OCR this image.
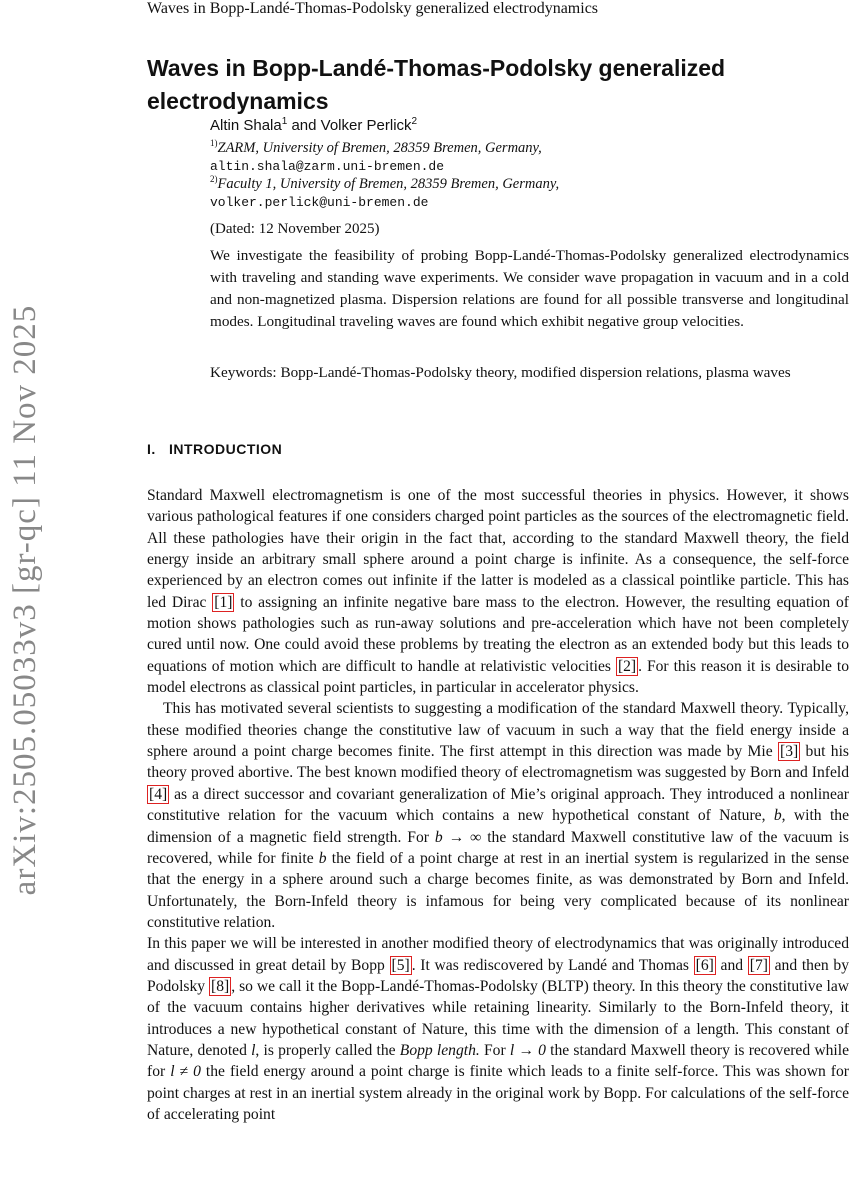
Waves in Bopp-Landé-Thomas-Podolsky generalized electrodynamics
arXiv:2505.05033v3 [gr-qc] 11 Nov 2025
Waves in Bopp-Landé-Thomas-Podolsky generalized electrodynamics
Altin Shala$^1$ and Volker Perlick$^2$
$^{1)}$ZARM, University of Bremen, 28359 Bremen, Germany,
altin.shala@zarm.uni-bremen.de
$^{2)}$Faculty 1, University of Bremen, 28359 Bremen, Germany,
volker.perlick@uni-bremen.de
(Dated: 12 November 2025)
We investigate the feasibility of probing Bopp-Landé-Thomas-Podolsky generalized electrodynamics with traveling and standing wave experiments. We consider wave propagation in vacuum and in a cold and non-magnetized plasma. Dispersion relations are found for all possible transverse and longitudinal modes. Longitudinal traveling waves are found which exhibit negative group velocities.
Keywords: Bopp-Landé-Thomas-Podolsky theory, modified dispersion relations, plasma waves
I. INTRODUCTION

Standard Maxwell electromagnetism is one of the most successful theories in physics. However, it shows various pathological features if one considers charged point particles as the sources of the electromagnetic field. All these pathologies have their origin in the fact that, according to the standard Maxwell theory, the field energy inside an arbitrary small sphere around a point charge is infinite. As a consequence, the self-force experienced by an electron comes out infinite if the latter is modeled as a classical pointlike particle. This has led Dirac [1] to assigning an infinite negative bare mass to the electron. However, the resulting equation of motion shows pathologies such as run-away solutions and pre-acceleration which have not been completely cured until now. One could avoid these problems by treating the electron as an extended body but this leads to equations of motion which are difficult to handle at relativistic velocities [2] . For this reason it is desirable to model electrons as classical point particles, in particular in accelerator physics.

This has motivated several scientists to suggesting a modification of the standard Maxwell theory. Typically, these modified theories change the constitutive law of vacuum in such a way that the field energy inside a sphere around a point charge becomes finite. The first attempt in this direction was made by Mie [3] but his theory proved abortive. The best known modified theory of electromagnetism was suggested by Born and Infeld [4] as a direct successor and covariant generalization of Mie’s original approach. They introduced a nonlinear constitutive relation for the vacuum which contains a new hypothetical constant of Nature, b, with the dimension of a magnetic field strength. For b → ∞ the standard Maxwell constitutive law of the vacuum is recovered, while for finite b the field of a point charge at rest in an inertial system is regularized in the sense that the energy in a sphere around such a charge becomes finite, as was demonstrated by Born and Infeld. Unfortunately, the Born-Infeld theory is infamous for being very complicated because of its nonlinear constitutive relation.

In this paper we will be interested in another modified theory of electrodynamics that was originally introduced and discussed in great detail by Bopp [5] . It was rediscovered by Landé and Thomas [6] and [7] and then by Podolsky [8] , so we call it the Bopp-Landé-Thomas-Podolsky (BLTP) theory. In this theory the constitutive law of the vacuum contains higher derivatives while retaining linearity. Similarly to the Born-Infeld theory, it introduces a new hypothetical constant of Nature, this time with the dimension of a length. This constant of Nature, denoted l, is properly called the Bopp length. For l → 0 the standard Maxwell theory is recovered while for l ≠ 0 the field energy around a point charge is finite which leads to a finite self-force. This was shown for point charges at rest in an inertial system already in the original work by Bopp. For calculations of the self-force of accelerating point
